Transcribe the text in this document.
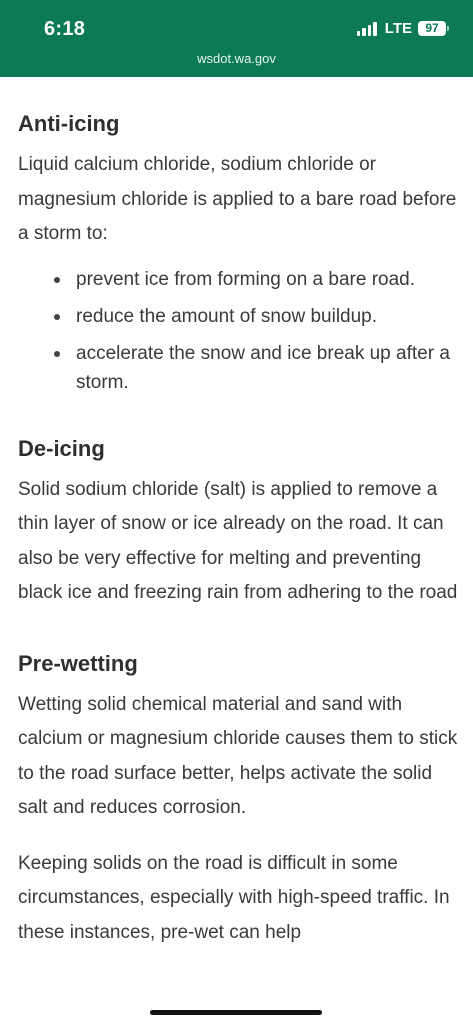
6:18	LTE	97
wsdot.wa.gov
Anti-icing

Liquid calcium chloride, sodium chloride or magnesium chloride is applied to a bare road before a storm to:

prevent ice from forming on a bare road.
reduce the amount of snow buildup.
accelerate the snow and ice break up after a storm.
De-icing

Solid sodium chloride (salt) is applied to remove a thin layer of snow or ice already on the road. It can also be very effective for melting and preventing black ice and freezing rain from adhering to the road

Pre-wetting

Wetting solid chemical material and sand with calcium or magnesium chloride causes them to stick to the road surface better, helps activate the solid salt and reduces corrosion.

Keeping solids on the road is difficult in some circumstances, especially with high-speed traffic. In these instances, pre-wet can help
